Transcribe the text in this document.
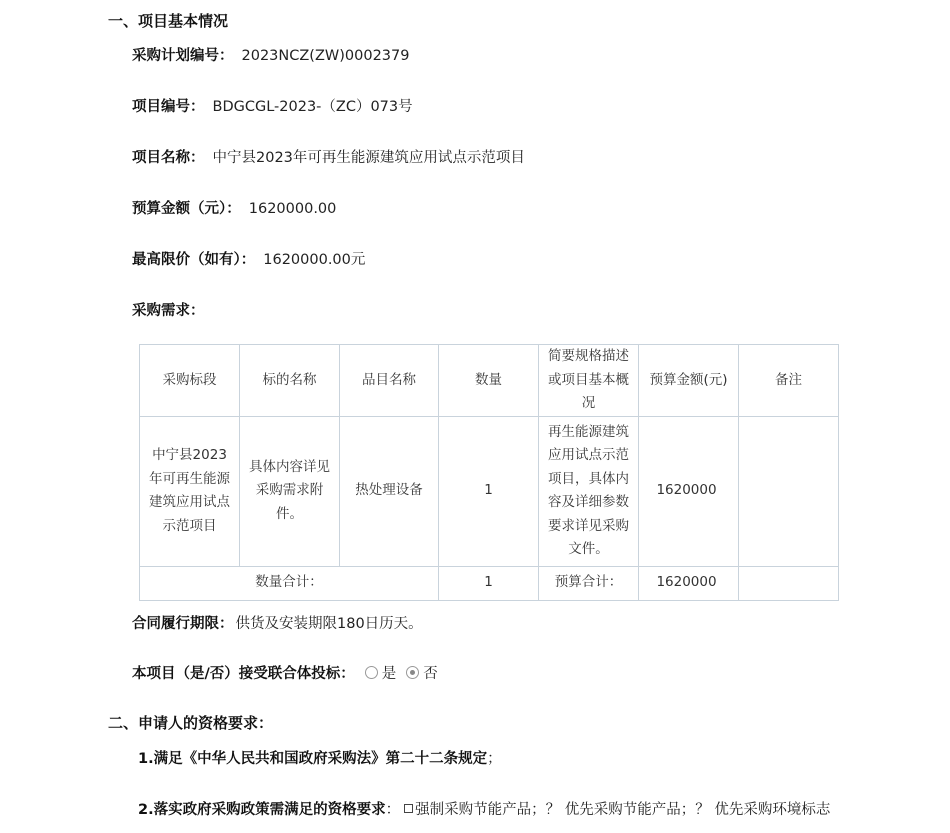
一、项目基本情况
采购计划编号： 2023NCZ(ZW)0002379
项目编号： BDGCGL-2023-（ZC）073号
项目名称： 中宁县2023年可再生能源建筑应用试点示范项目
预算金额（元）： 1620000.00
最高限价（如有）： 1620000.00元
采购需求：
采购标段	标的名称	品目名称	数量	简要规格描述或项目基本概况	预算金额(元)	备注
中宁县2023年可再生能源建筑应用试点示范项目	具体内容详见采购需求附件。	热处理设备	1	再生能源建筑应用试点示范项目，具体内容及详细参数要求详见采购文件。	1620000	
数量合计：			1	预算合计：	1620000	
合同履行期限： 供货及安装期限180日历天。
本项目（是/否）接受联合体投标： 是 否
二、申请人的资格要求：
1.满足《中华人民共和国政府采购法》第二十二条规定；
2.落实政府采购政策需满足的资格要求： 强制采购节能产品；？ 优先采购节能产品；？ 优先采购环境标志
